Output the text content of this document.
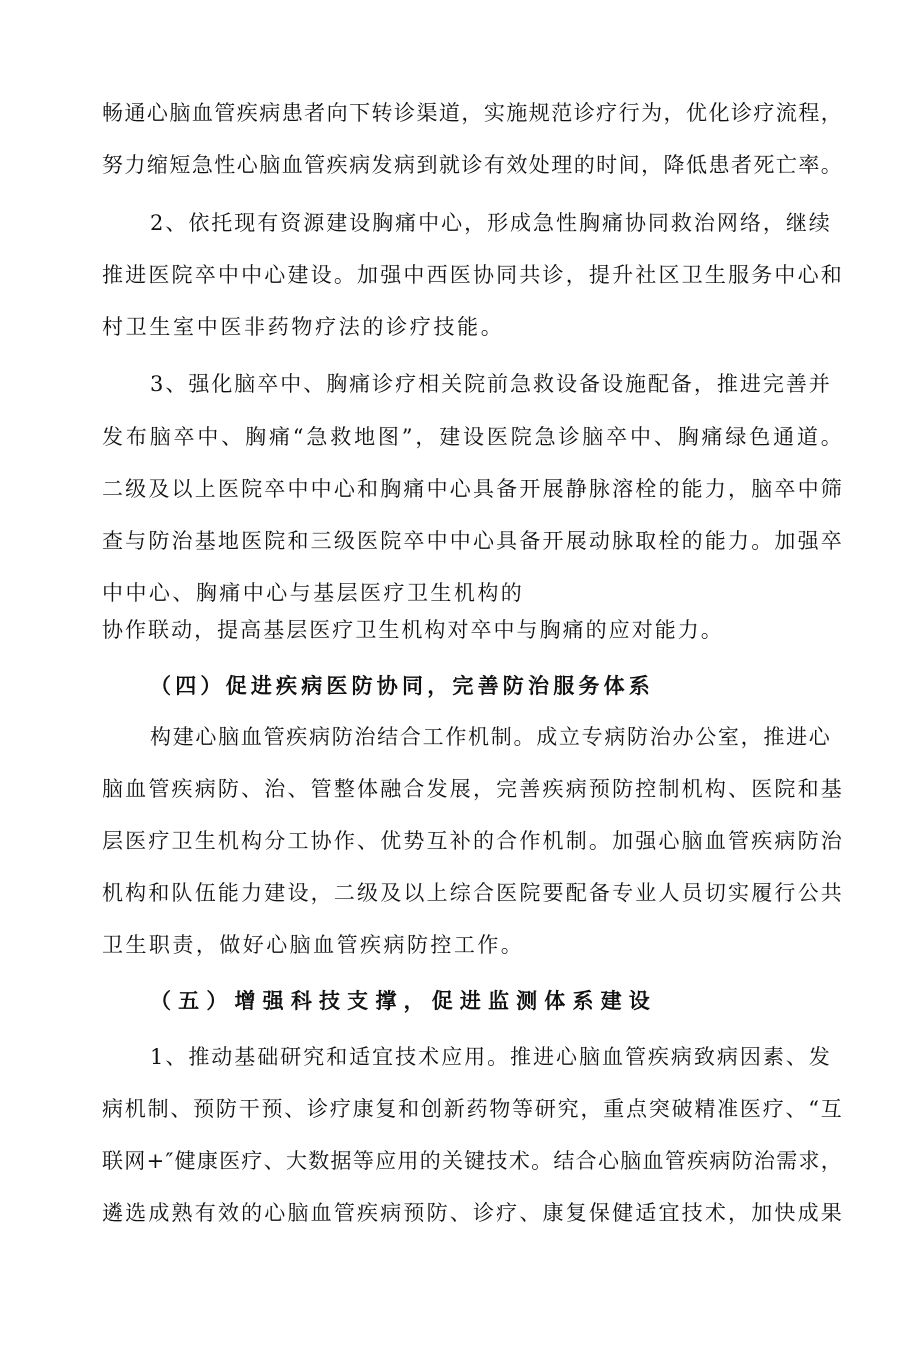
畅通心脑血管疾病患者向下转诊渠道，实施规范诊疗行为，优化诊疗流程，
努力缩短急性心脑血管疾病发病到就诊有效处理的时间，降低患者死亡率。
2、依托现有资源建设胸痛中心，形成急性胸痛协同救治网络，继续
推进医院卒中中心建设。加强中西医协同共诊，提升社区卫生服务中心和
村卫生室中医非药物疗法的诊疗技能。
3、强化脑卒中、胸痛诊疗相关院前急救设备设施配备，推进完善并
发布脑卒中、胸痛“急救地图”，建设医院急诊脑卒中、胸痛绿色通道。
二级及以上医院卒中中心和胸痛中心具备开展静脉溶栓的能力，脑卒中筛
查与防治基地医院和三级医院卒中中心具备开展动脉取栓的能力。加强卒
中中心、胸痛中心与基层医疗卫生机构的
协作联动，提高基层医疗卫生机构对卒中与胸痛的应对能力。
（四）促进疾病医防协同，完善防治服务体系
构建心脑血管疾病防治结合工作机制。成立专病防治办公室，推进心
脑血管疾病防、治、管整体融合发展，完善疾病预防控制机构、医院和基
层医疗卫生机构分工协作、优势互补的合作机制。加强心脑血管疾病防治
机构和队伍能力建设，二级及以上综合医院要配备专业人员切实履行公共
卫生职责，做好心脑血管疾病防控工作。
（五）增强科技支撑，促进监测体系建设
1、推动基础研究和适宜技术应用。推进心脑血管疾病致病因素、发
病机制、预防干预、诊疗康复和创新药物等研究，重点突破精准医疗、“互
联网+″健康医疗、大数据等应用的关键技术。结合心脑血管疾病防治需求，
遴选成熟有效的心脑血管疾病预防、诊疗、康复保健适宜技术，加快成果
